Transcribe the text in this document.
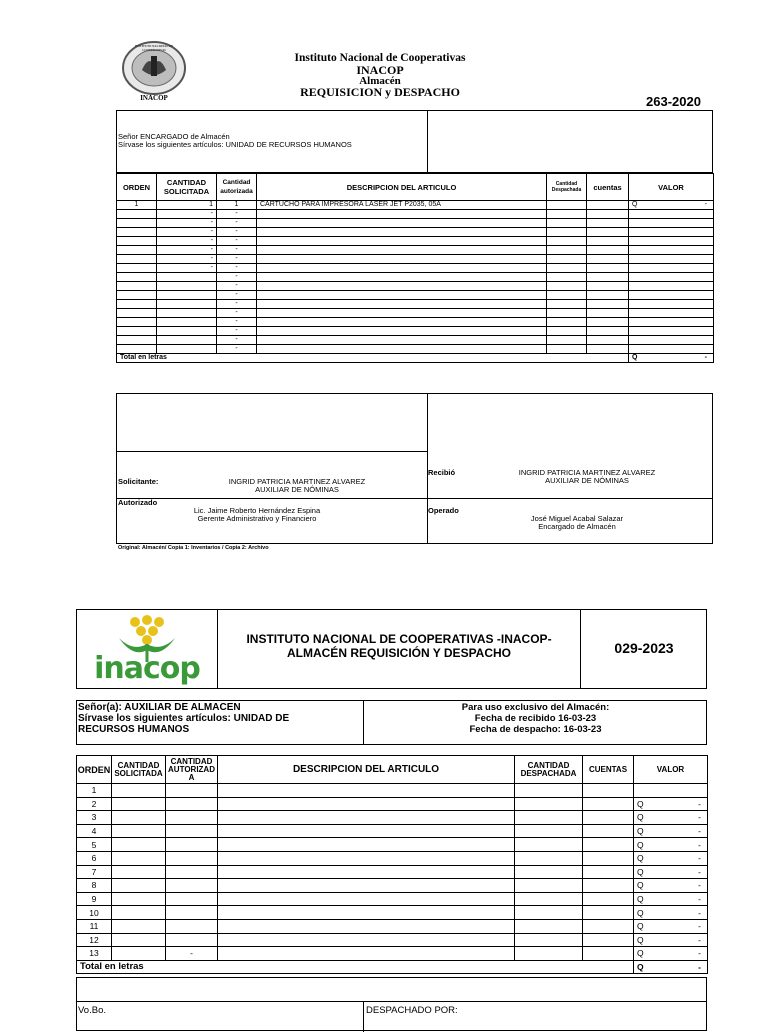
INSTITUTO NACIONAL DE COOPERATIVAS
INACOP
Instituto Nacional de Cooperativas
INACOP
Almacén
REQUISICION y DESPACHO
263-2020
Señor ENCARGADO de Almacén
Sírvase los siguientes artículos: UNIDAD DE RECURSOS HUMANOS
ORDEN	CANTIDAD SOLICITADA	Cantidad autorizada	DESCRIPCION DEL ARTICULO	Cantidad Despachada	cuentas	VALOR
1	1	1	CARTUCHO PARA IMPRESORA LASER JET P2035, 05A			Q -

	-	-				

	-	-				

	-	-				

	-	-				

	-	-				

	-	-				

	-	-				

		-				

		-				

		-				

		-				

		-				

		-				

		-				

		-				

		-				

Total en letras						Q -
Solicitante:	INGRID PATRICIA MARTINEZ ALVAREZ
AUXILIAR DE NÓMINAS
Recibió	INGRID PATRICIA MARTINEZ ALVAREZ
AUXILIAR DE NÓMINAS
Autorizado
Lic. Jaime Roberto Hernández Espina
Gerente Administrativo y Financiero
Operado
José Miguel Acabal Salazar
Encargado de Almacén
Original: Almacén/ Copia 1: Inventarios / Copia 2: Archivo
inacop
INSTITUTO NACIONAL DE COOPERATIVAS -INACOP-
ALMACÉN REQUISICIÓN Y DESPACHO	029-2023
Señor(a): AUXILIAR DE ALMACEN
Sírvase los siguientes artículos: UNIDAD DE
RECURSOS HUMANOS
Para uso exclusivo del Almacén:
Fecha de recibido 16-03-23
Fecha de despacho: 16-03-23
ORDEN	CANTIDAD SOLICITADA	CANTIDAD AUTORIZAD A	DESCRIPCION DEL ARTICULO	CANTIDAD DESPACHADA	CUENTAS	VALOR
1						

2						Q -

3						Q -

4						Q -

5						Q -

6						Q -

7						Q -

8						Q -

9						Q -

10						Q -

11						Q -

12						Q -

13		-				Q -

Total en letras						Q -
Vo.Bo.	DESPACHADO POR:
